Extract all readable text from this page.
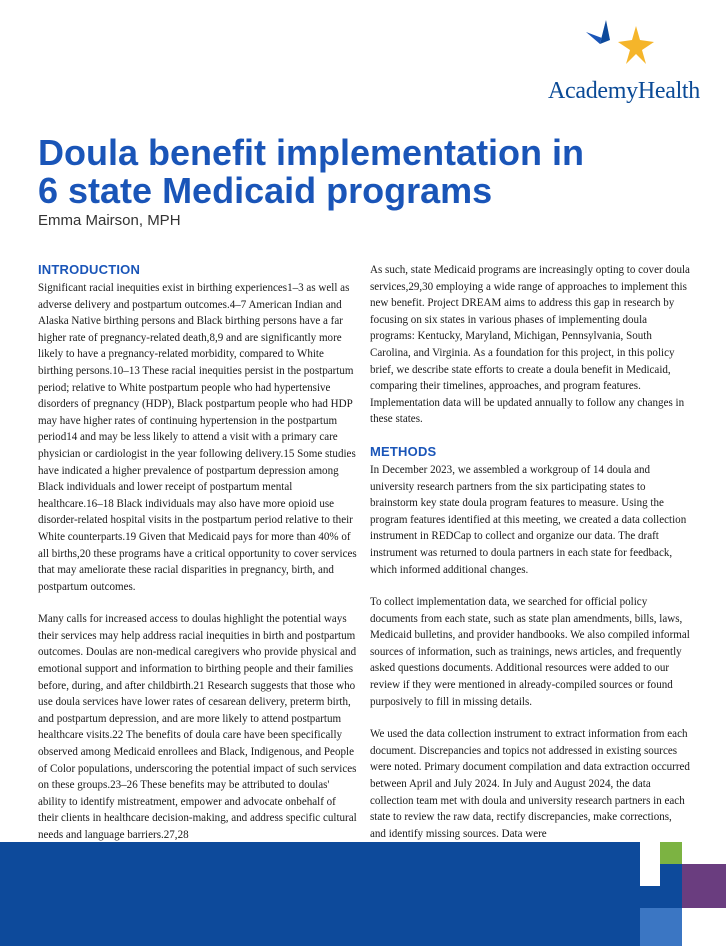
AcademyHealth
Doula benefit implementation in
6 state Medicaid programs
Emma Mairson, MPH
INTRODUCTION

Significant racial inequities exist in birthing experiences1–3 as well as adverse delivery and postpartum outcomes.4–7 American Indian and Alaska Native birthing persons and Black birthing persons have a far higher rate of pregnancy-related death,8,9 and are significantly more likely to have a pregnancy-related morbidity, compared to White birthing persons.10–13 These racial inequities persist in the postpartum period; relative to White postpartum people who had hypertensive disorders of pregnancy (HDP), Black postpartum people who had HDP may have higher rates of continuing hypertension in the postpartum period14 and may be less likely to attend a visit with a primary care physician or cardiologist in the year following delivery.15 Some studies have indicated a higher prevalence of postpartum depression among Black individuals and lower receipt of postpartum mental healthcare.16–18 Black individuals may also have more opioid use disorder-related hospital visits in the postpartum period relative to their White counterparts.19 Given that Medicaid pays for more than 40% of all births,20 these programs have a critical opportunity to cover services that may ameliorate these racial disparities in pregnancy, birth, and postpartum outcomes.

Many calls for increased access to doulas highlight the potential ways their services may help address racial inequities in birth and postpartum outcomes. Doulas are non-medical caregivers who provide physical and emotional support and information to birthing people and their families before, during, and after childbirth.21 Research suggests that those who use doula services have lower rates of cesarean delivery, preterm birth, and postpartum depression, and are more likely to attend postpartum healthcare visits.22 The benefits of doula care have been specifically observed among Medicaid enrollees and Black, Indigenous, and People of Color populations, underscoring the potential impact of such services on these groups.23–26 These benefits may be attributed to doulas' ability to identify mistreatment, empower and advocate onbehalf of their clients in healthcare decision-making, and address specific cultural needs and language barriers.27,28

As such, state Medicaid programs are increasingly opting to cover doula services,29,30 employing a wide range of approaches to implement this new benefit. Project DREAM aims to address this gap in research by focusing on six states in various phases of implementing doula programs: Kentucky, Maryland, Michigan, Pennsylvania, South Carolina, and Virginia. As a foundation for this project, in this policy brief, we describe state efforts to create a doula benefit in Medicaid, comparing their timelines, approaches, and program features. Implementation data will be updated annually to follow any changes in these states.

METHODS

In December 2023, we assembled a workgroup of 14 doula and university research partners from the six participating states to brainstorm key state doula program features to measure. Using the program features identified at this meeting, we created a data collection instrument in REDCap to collect and organize our data. The draft instrument was returned to doula partners in each state for feedback, which informed additional changes.

To collect implementation data, we searched for official policy documents from each state, such as state plan amendments, bills, laws, Medicaid bulletins, and provider handbooks. We also compiled informal sources of information, such as trainings, news articles, and frequently asked questions documents. Additional resources were added to our review if they were mentioned in already-compiled sources or found purposively to fill in missing details.

We used the data collection instrument to extract information from each document. Discrepancies and topics not addressed in existing sources were noted. Primary document compilation and data extraction occurred between April and July 2024. In July and August 2024, the data collection team met with doula and university research partners in each state to review the raw data, rectify discrepancies, make corrections, and identify missing sources. Data were
